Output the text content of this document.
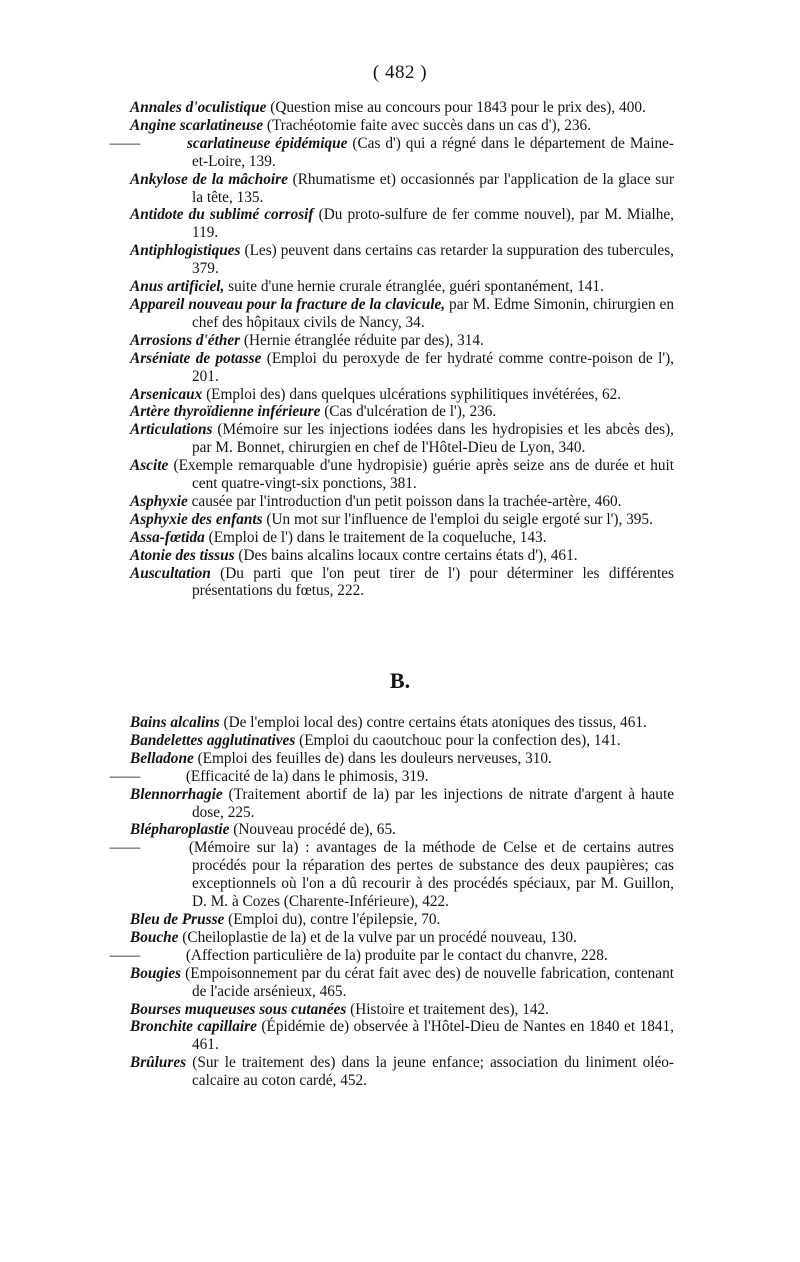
( 482 )

Annales d'oculistique (Question mise au concours pour 1843 pour le prix des), 400.

Angine scarlatineuse (Trachéotomie faite avec succès dans un cas d'), 236.

——	scarlatineuse épidémique (Cas d') qui a régné dans le département de Maine-et-Loire, 139.

Ankylose de la mâchoire (Rhumatisme et) occasionnés par l'application de la glace sur la tête, 135.

Antidote du sublimé corrosif (Du proto-sulfure de fer comme nouvel), par M. Mialhe, 119.

Antiphlogistiques (Les) peuvent dans certains cas retarder la suppuration des tubercules, 379.

Anus artificiel, suite d'une hernie crurale étranglée, guéri spontanément, 141.

Appareil nouveau pour la fracture de la clavicule, par M. Edme Simonin, chirurgien en chef des hôpitaux civils de Nancy, 34.

Arrosions d'éther (Hernie étranglée réduite par des), 314.

Arséniate de potasse (Emploi du peroxyde de fer hydraté comme contre-poison de l'), 201.

Arsenicaux (Emploi des) dans quelques ulcérations syphilitiques invétérées, 62.

Artère thyroïdienne inférieure (Cas d'ulcération de l'), 236.

Articulations (Mémoire sur les injections iodées dans les hydropisies et les abcès des), par M. Bonnet, chirurgien en chef de l'Hôtel-Dieu de Lyon, 340.

Ascite (Exemple remarquable d'une hydropisie) guérie après seize ans de durée et huit cent quatre-vingt-six ponctions, 381.

Asphyxie causée par l'introduction d'un petit poisson dans la trachée-artère, 460.

Asphyxie des enfants (Un mot sur l'influence de l'emploi du seigle ergoté sur l'), 395.

Assa-fœtida (Emploi de l') dans le traitement de la coqueluche, 143.

Atonie des tissus (Des bains alcalins locaux contre certains états d'), 461.

Auscultation (Du parti que l'on peut tirer de l') pour déterminer les différentes présentations du fœtus, 222.

B.

Bains alcalins (De l'emploi local des) contre certains états atoniques des tissus, 461.

Bandelettes agglutinatives (Emploi du caoutchouc pour la confection des), 141.

Belladone (Emploi des feuilles de) dans les douleurs nerveuses, 310.

——	(Efficacité de la) dans le phimosis, 319.

Blennorrhagie (Traitement abortif de la) par les injections de nitrate d'argent à haute dose, 225.

Blépharoplastie (Nouveau procédé de), 65.

——	(Mémoire sur la) : avantages de la méthode de Celse et de certains autres procédés pour la réparation des pertes de substance des deux paupières; cas exceptionnels où l'on a dû recourir à des procédés spéciaux, par M. Guillon, D. M. à Cozes (Charente-Inférieure), 422.

Bleu de Prusse (Emploi du), contre l'épilepsie, 70.

Bouche (Cheiloplastie de la) et de la vulve par un procédé nouveau, 130.

——	(Affection particulière de la) produite par le contact du chanvre, 228.

Bougies (Empoisonnement par du cérat fait avec des) de nouvelle fabrication, contenant de l'acide arsénieux, 465.

Bourses muqueuses sous cutanées (Histoire et traitement des), 142.

Bronchite capillaire (Épidémie de) observée à l'Hôtel-Dieu de Nantes en 1840 et 1841, 461.

Brûlures (Sur le traitement des) dans la jeune enfance; association du liniment oléo-calcaire au coton cardé, 452.
